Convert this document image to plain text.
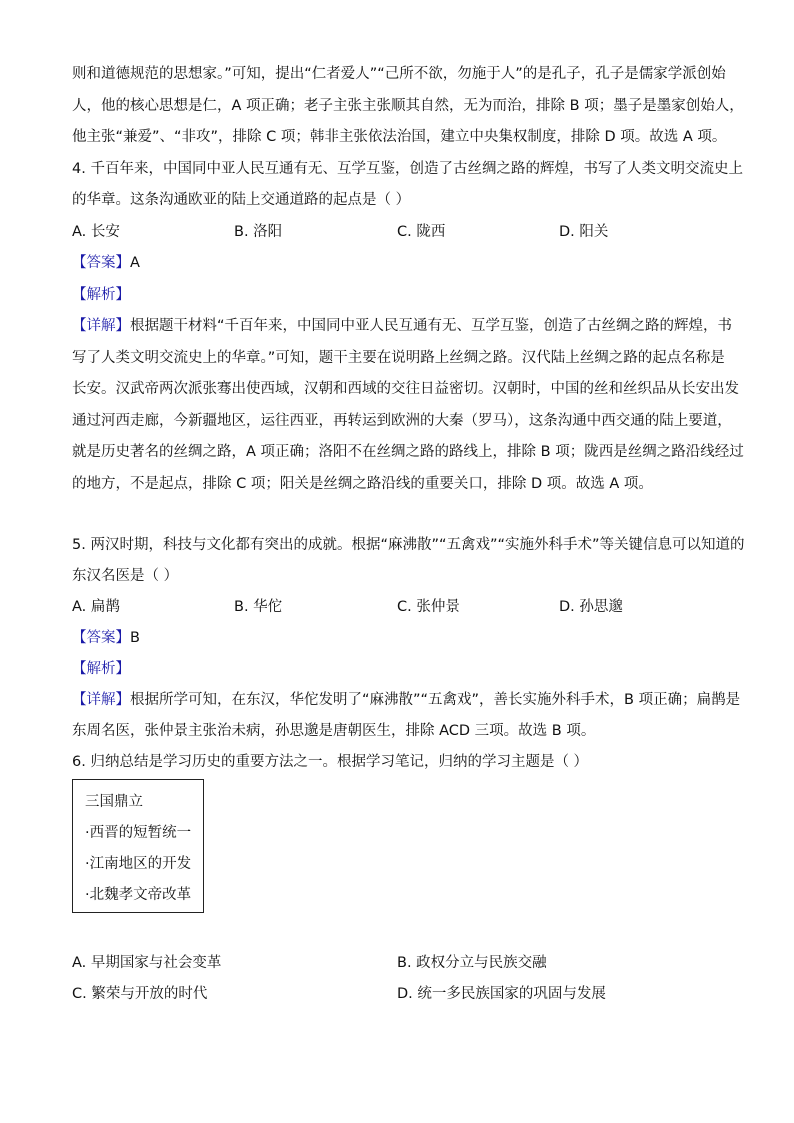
则和道德规范的思想家。”可知，提出“仁者爱人”“己所不欲，勿施于人”的是孔子，孔子是儒家学派创始
人，他的核心思想是仁，A 项正确；老子主张主张顺其自然，无为而治，排除 B 项；墨子是墨家创始人，
他主张“兼爱”、“非攻”，排除 C 项；韩非主张依法治国，建立中央集权制度，排除 D 项。故选 A 项。
4. 千百年来，中国同中亚人民互通有无、互学互鉴，创造了古丝绸之路的辉煌，书写了人类文明交流史上
的华章。这条沟通欧亚的陆上交通道路的起点是（ ）
A. 长安	B. 洛阳	C. 陇西	D. 阳关
【答案】A
【解析】
【详解】根据题干材料“千百年来，中国同中亚人民互通有无、互学互鉴，创造了古丝绸之路的辉煌，书
写了人类文明交流史上的华章。”可知，题干主要在说明路上丝绸之路。汉代陆上丝绸之路的起点名称是
长安。汉武帝两次派张骞出使西域，汉朝和西域的交往日益密切。汉朝时，中国的丝和丝织品从长安出发
通过河西走廊，今新疆地区，运往西亚，再转运到欧洲的大秦（罗马），这条沟通中西交通的陆上要道，
就是历史著名的丝绸之路，A 项正确；洛阳不在丝绸之路的路线上，排除 B 项；陇西是丝绸之路沿线经过
的地方，不是起点，排除 C 项；阳关是丝绸之路沿线的重要关口，排除 D 项。故选 A 项。
5. 两汉时期，科技与文化都有突出的成就。根据“麻沸散”“五禽戏”“实施外科手术”等关键信息可以知道的
东汉名医是（ ）
A. 扁鹊	B. 华佗	C. 张仲景	D. 孙思邈
【答案】B
【解析】
【详解】根据所学可知，在东汉，华佗发明了“麻沸散”“五禽戏”，善长实施外科手术，B 项正确；扁鹊是
东周名医，张仲景主张治未病，孙思邈是唐朝医生，排除 ACD 三项。故选 B 项。
6. 归纳总结是学习历史的重要方法之一。根据学习笔记，归纳的学习主题是（ ）
三国鼎立
·西晋的短暂统一
·江南地区的开发
·北魏孝文帝改革
A. 早期国家与社会变革	B. 政权分立与民族交融
C. 繁荣与开放的时代	D. 统一多民族国家的巩固与发展
